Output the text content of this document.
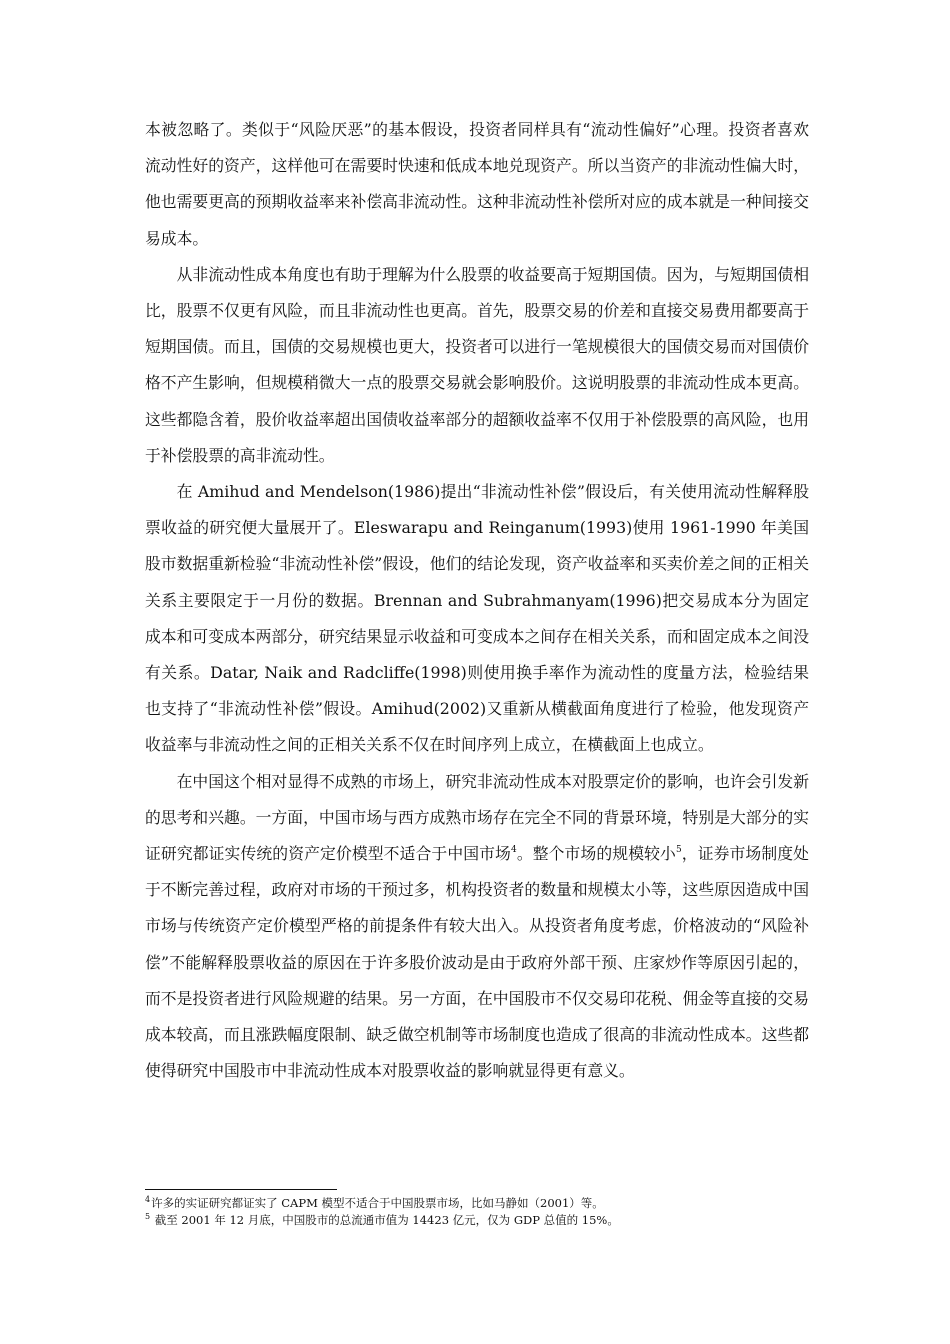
本被忽略了。类似于“风险厌恶”的基本假设，投资者同样具有“流动性偏好”心理。投资者喜欢流动性好的资产，这样他可在需要时快速和低成本地兑现资产。所以当资产的非流动性偏大时，他也需要更高的预期收益率来补偿高非流动性。这种非流动性补偿所对应的成本就是一种间接交易成本。

从非流动性成本角度也有助于理解为什么股票的收益要高于短期国债。因为，与短期国债相比，股票不仅更有风险，而且非流动性也更高。首先，股票交易的价差和直接交易费用都要高于短期国债。而且，国债的交易规模也更大，投资者可以进行一笔规模很大的国债交易而对国债价格不产生影响，但规模稍微大一点的股票交易就会影响股价。这说明股票的非流动性成本更高。这些都隐含着，股价收益率超出国债收益率部分的超额收益率不仅用于补偿股票的高风险，也用于补偿股票的高非流动性。

在 Amihud and Mendelson(1986)提出“非流动性补偿”假设后，有关使用流动性解释股票收益的研究便大量展开了。Eleswarapu and Reinganum(1993)使用 1961-1990 年美国股市数据重新检验“非流动性补偿”假设，他们的结论发现，资产收益率和买卖价差之间的正相关关系主要限定于一月份的数据。Brennan and Subrahmanyam(1996)把交易成本分为固定成本和可变成本两部分，研究结果显示收益和可变成本之间存在相关关系，而和固定成本之间没有关系。Datar, Naik and Radcliffe(1998)则使用换手率作为流动性的度量方法，检验结果也支持了“非流动性补偿”假设。Amihud(2002)又重新从横截面角度进行了检验，他发现资产收益率与非流动性之间的正相关关系不仅在时间序列上成立，在横截面上也成立。

在中国这个相对显得不成熟的市场上，研究非流动性成本对股票定价的影响，也许会引发新的思考和兴趣。一方面，中国市场与西方成熟市场存在完全不同的背景环境，特别是大部分的实证研究都证实传统的资产定价模型不适合于中国市场$^4$。整个市场的规模较小$^5$，证券市场制度处于不断完善过程，政府对市场的干预过多，机构投资者的数量和规模太小等，这些原因造成中国市场与传统资产定价模型严格的前提条件有较大出入。从投资者角度考虑，价格波动的“风险补偿”不能解释股票收益的原因在于许多股价波动是由于政府外部干预、庄家炒作等原因引起的，而不是投资者进行风险规避的结果。另一方面，在中国股市不仅交易印花税、佣金等直接的交易成本较高，而且涨跌幅度限制、缺乏做空机制等市场制度也造成了很高的非流动性成本。这些都使得研究中国股市中非流动性成本对股票收益的影响就显得更有意义。

$^4$许多的实证研究都证实了 CAPM 模型不适合于中国股票市场，比如马静如（2001）等。
$^5$ 截至 2001 年 12 月底，中国股市的总流通市值为 14423 亿元，仅为 GDP 总值的 15%。
